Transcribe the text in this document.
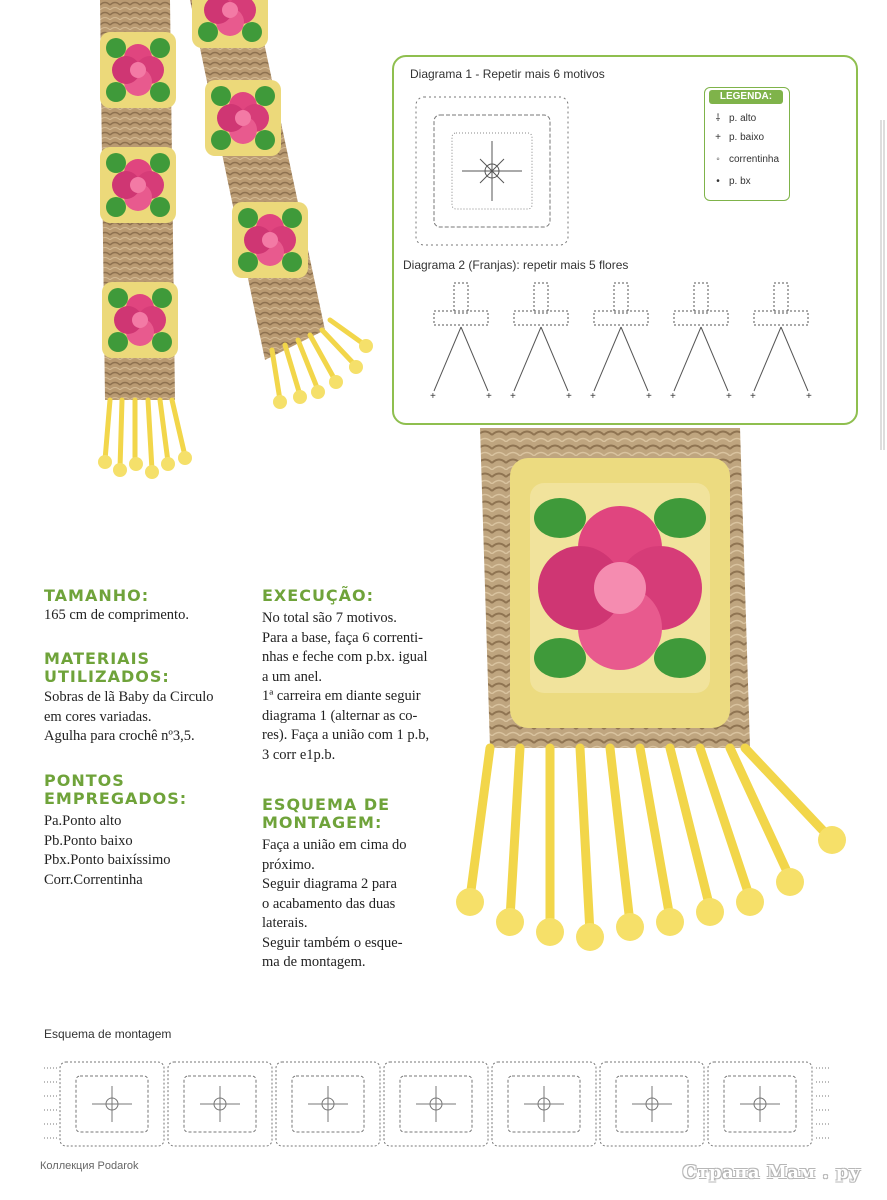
Diagrama 1 - Repetir mais 6 motivos
Diagrama 2 (Franjas): repetir mais 5 flores
+	+
LEGENDA:
⸸ p. alto
+ p. baixo
◦ correntinha
• p. bx
TAMANHO:
165 cm de comprimento.
MATERIAIS
UTILIZADOS:
Sobras de lã Baby da Circulo
em cores variadas.
Agulha para crochê nº3,5.
PONTOS
EMPREGADOS:
Pa.Ponto alto
Pb.Ponto baixo
Pbx.Ponto baixíssimo
Corr.Correntinha
EXECUÇÃO:
No total são 7 motivos.
Para a base, faça 6 correnti-
nhas e feche com p.bx. igual
a um anel.
1ª carreira em diante seguir
diagrama 1 (alternar as co-
res). Faça a união com 1 p.b,
3 corr e1p.b.
ESQUEMA DE
MONTAGEM:
Faça a união em cima do
próximo.
Seguir diagrama 2 para
o acabamento das duas
laterais.
Seguir também o esque-
ma de montagem.
Esquema de montagem
Коллекция Podarok	Страна Мам . ру
